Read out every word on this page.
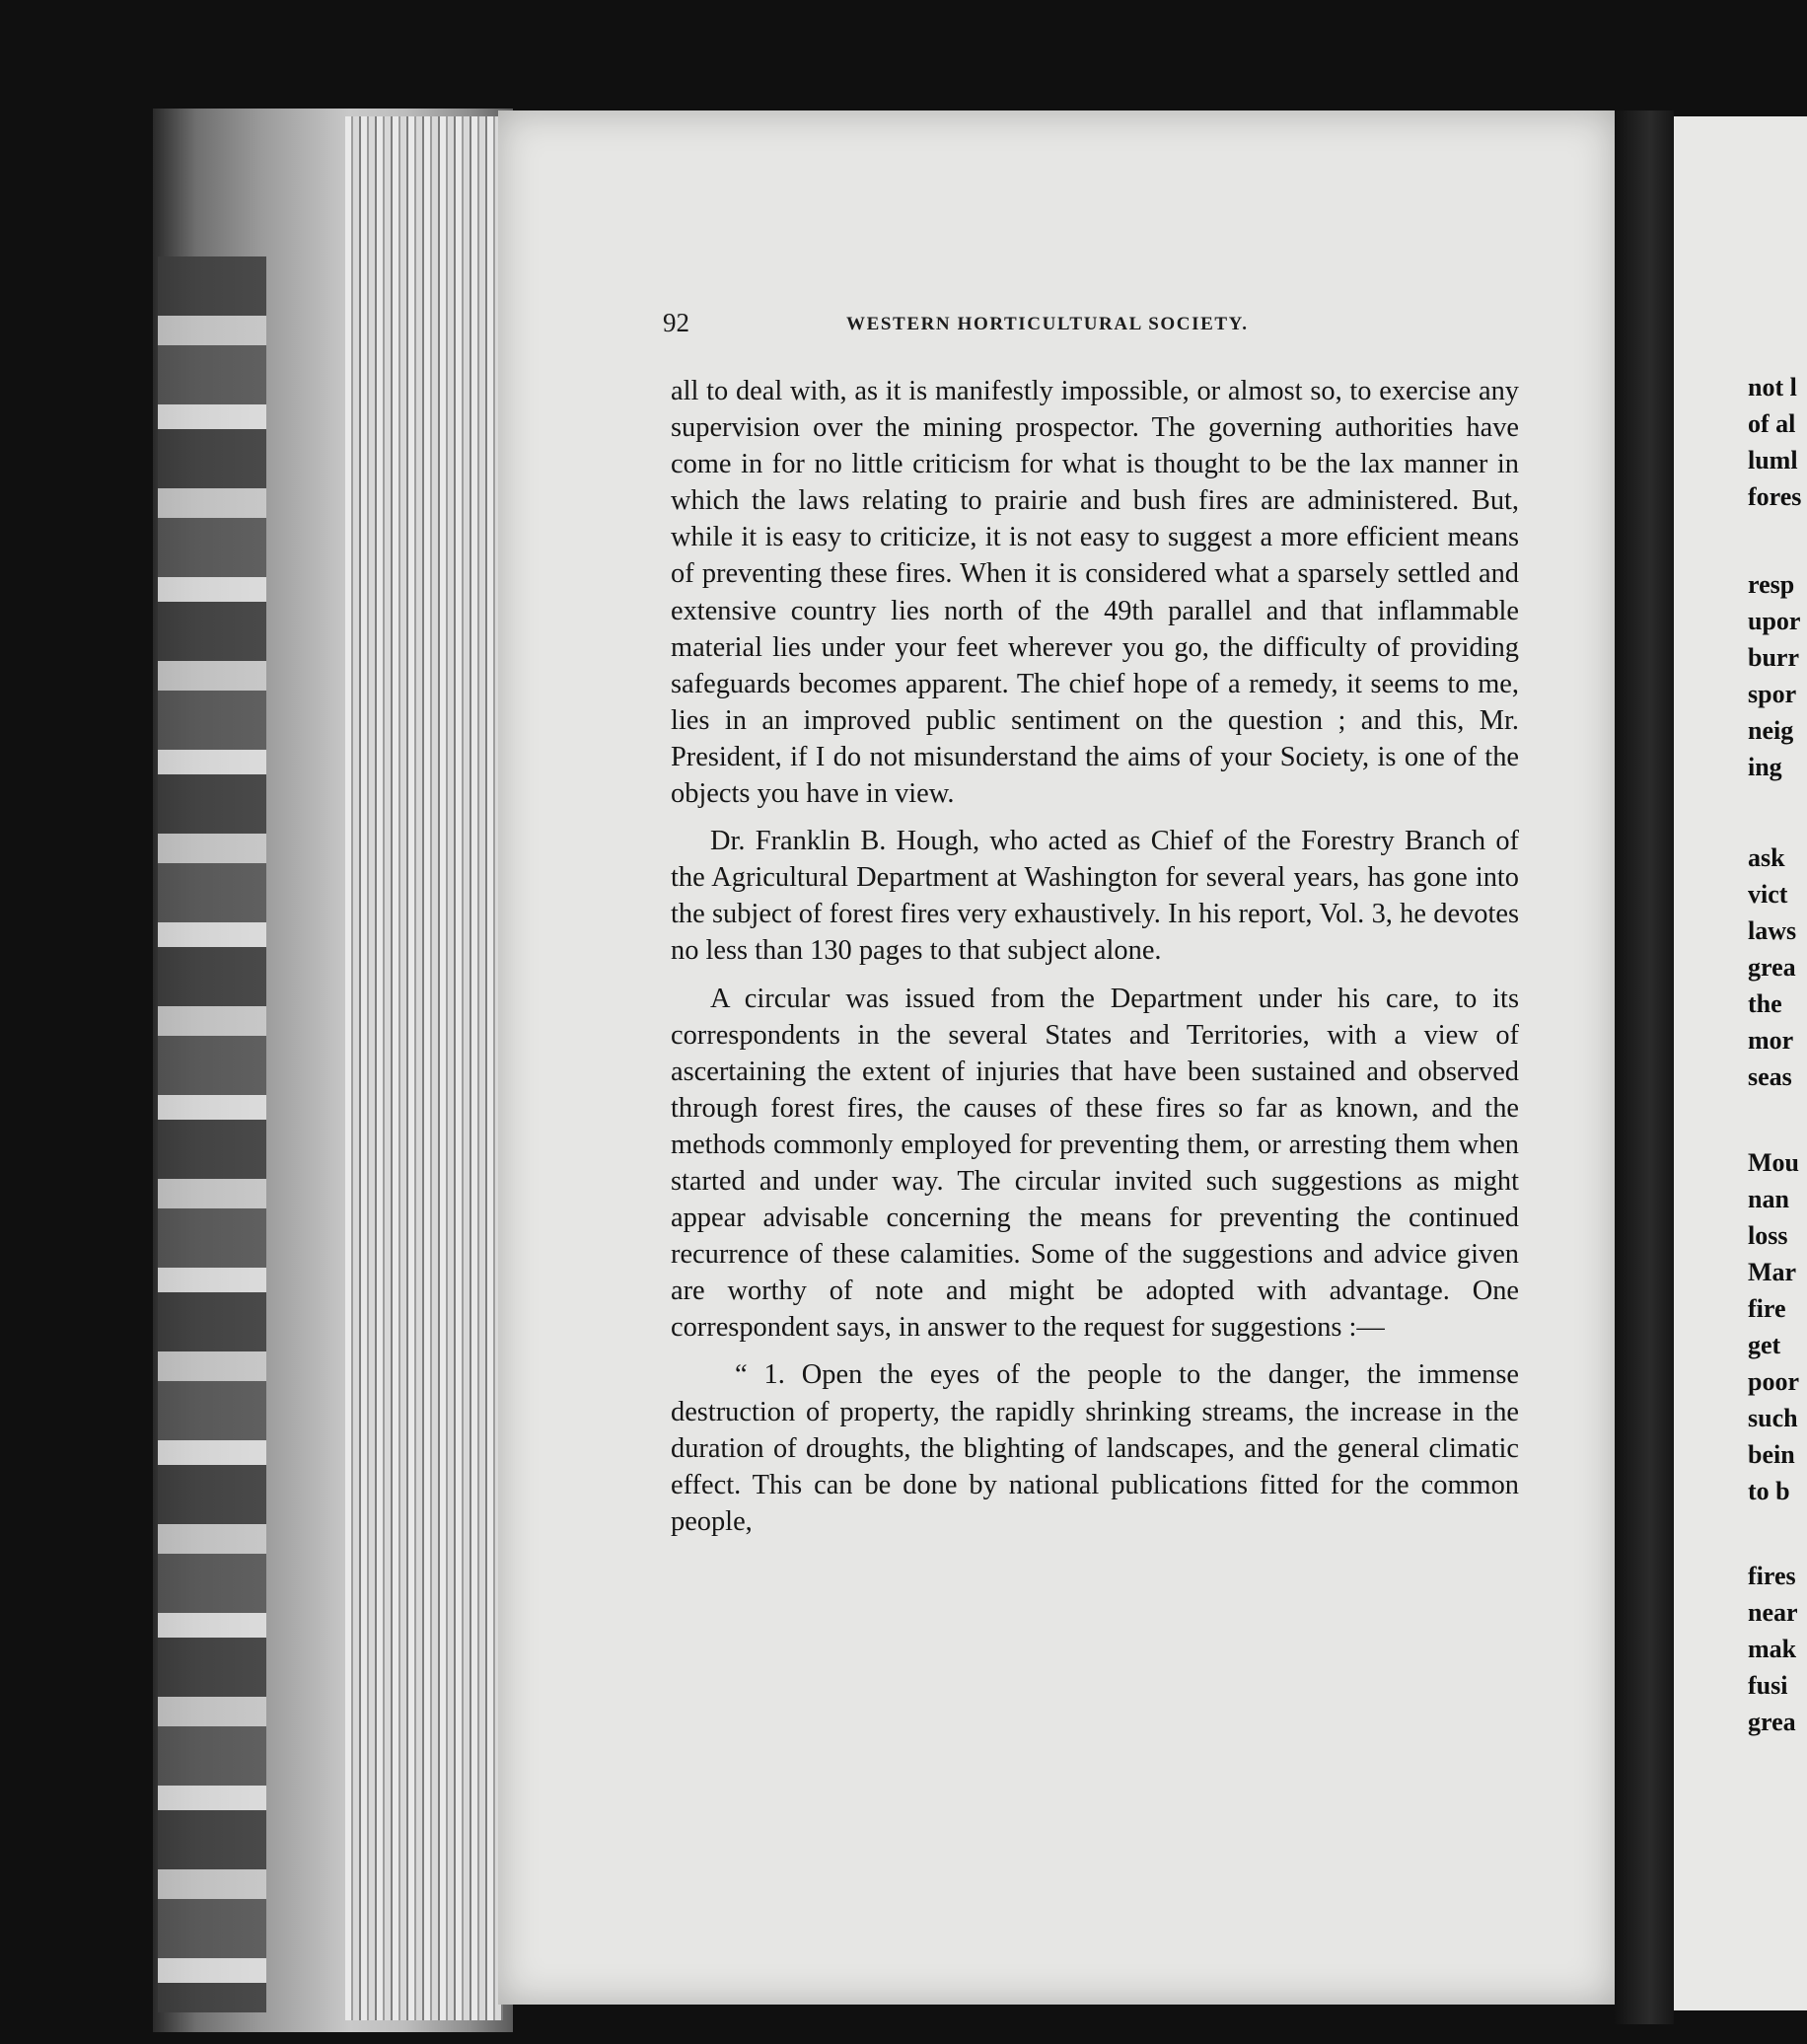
92	WESTERN HORTICULTURAL SOCIETY.

all to deal with, as it is manifestly impossible, or almost so, to exercise any supervision over the mining prospector. The governing authorities have come in for no little criticism for what is thought to be the lax manner in which the laws relating to prairie and bush fires are administered. But, while it is easy to criticize, it is not easy to suggest a more efficient means of preventing these fires. When it is considered what a sparsely settled and extensive country lies north of the 49th parallel and that inflammable material lies under your feet wherever you go, the difficulty of providing safeguards becomes apparent. The chief hope of a remedy, it seems to me, lies in an improved public sentiment on the question ; and this, Mr. President, if I do not misunderstand the aims of your Society, is one of the objects you have in view.

Dr. Franklin B. Hough, who acted as Chief of the Forestry Branch of the Agricultural Department at Washington for several years, has gone into the subject of forest fires very exhaustively. In his report, Vol. 3, he devotes no less than 130 pages to that subject alone.

A circular was issued from the Department under his care, to its correspondents in the several States and Territories, with a view of ascertaining the extent of injuries that have been sustained and observed through forest fires, the causes of these fires so far as known, and the methods commonly employed for preventing them, or arresting them when started and under way. The circular invited such suggestions as might appear advisable concerning the means for preventing the continued recurrence of these calamities. Some of the suggestions and advice given are worthy of note and might be adopted with advantage. One correspondent says, in answer to the request for suggestions :—

“ 1. Open the eyes of the people to the danger, the immense destruction of property, the rapidly shrinking streams, the increase in the duration of droughts, the blighting of landscapes, and the general climatic effect. This can be done by national publications fitted for the common people,

not l
of al
luml
fores
resp
upor
burr
spor
neig
ing
ask
vict
laws
grea
the
mor
seas
Mou
nan
loss
Mar
fire
get
poor
such
bein
to b
fires
near
mak
fusi
grea
